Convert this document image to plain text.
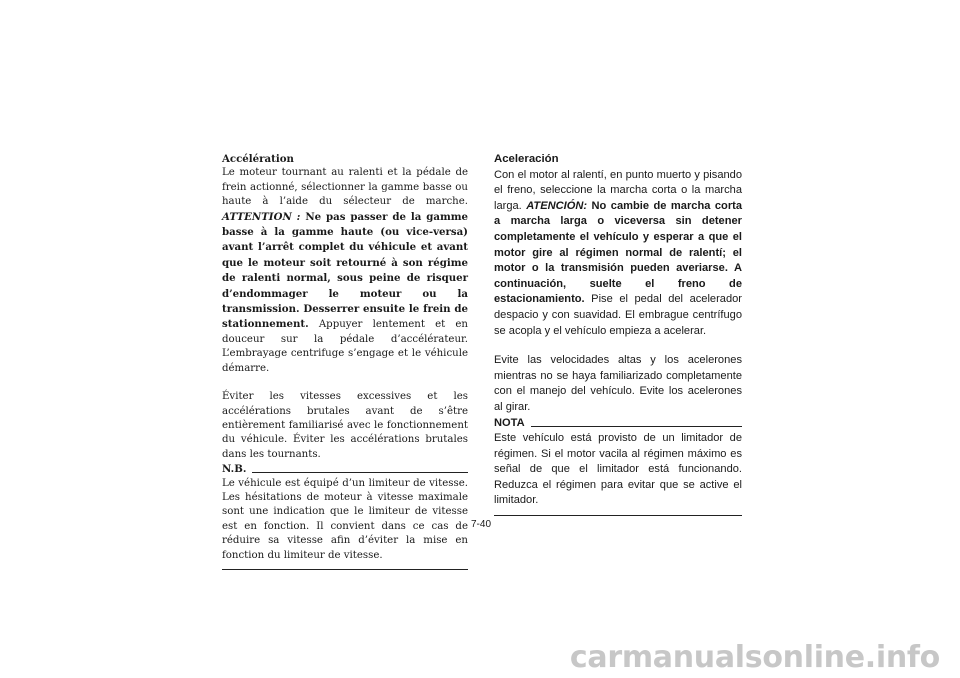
Accélération

Le moteur tournant au ralenti et la pédale de frein actionné, sélectionner la gamme basse ou haute à l’aide du sélecteur de marche. ATTENTION : Ne pas passer de la gamme basse à la gamme haute (ou vice-versa) avant l’arrêt complet du véhicule et avant que le moteur soit retourné à son régime de ralenti normal, sous peine de risquer d’endommager le moteur ou la transmission. Desserrer ensuite le frein de stationnement. Appuyer lentement et en douceur sur la pédale d’accélérateur. L’embrayage centrifuge s’engage et le véhicule démarre.

Éviter les vitesses excessives et les accélérations brutales avant de s’être entièrement familiarisé avec le fonctionnement du véhicule. Éviter les accélérations brutales dans les tournants.

N.B.

Le véhicule est équipé d’un limiteur de vitesse. Les hésitations de moteur à vitesse maximale sont une indication que le limiteur de vitesse est en fonction. Il convient dans ce cas de réduire sa vitesse afin d’éviter la mise en fonction du limiteur de vitesse.

Aceleración

Con el motor al ralentí, en punto muerto y pisando el freno, seleccione la marcha corta o la marcha larga. ATENCIÓN: No cambie de marcha corta a marcha larga o viceversa sin detener completamente el vehículo y esperar a que el motor gire al régimen normal de ralentí; el motor o la transmisión pueden averiarse. A continuación, suelte el freno de estacionamiento. Pise el pedal del acelerador despacio y con suavidad. El embrague centrífugo se acopla y el vehículo empieza a acelerar.

Evite las velocidades altas y los acelerones mientras no se haya familiarizado completamente con el manejo del vehículo. Evite los acelerones al girar.

NOTA

Este vehículo está provisto de un limitador de régimen. Si el motor vacila al régimen máximo es señal de que el limitador está funcionando. Reduzca el régimen para evitar que se active el limitador.

7-40
carmanualsonline.info
